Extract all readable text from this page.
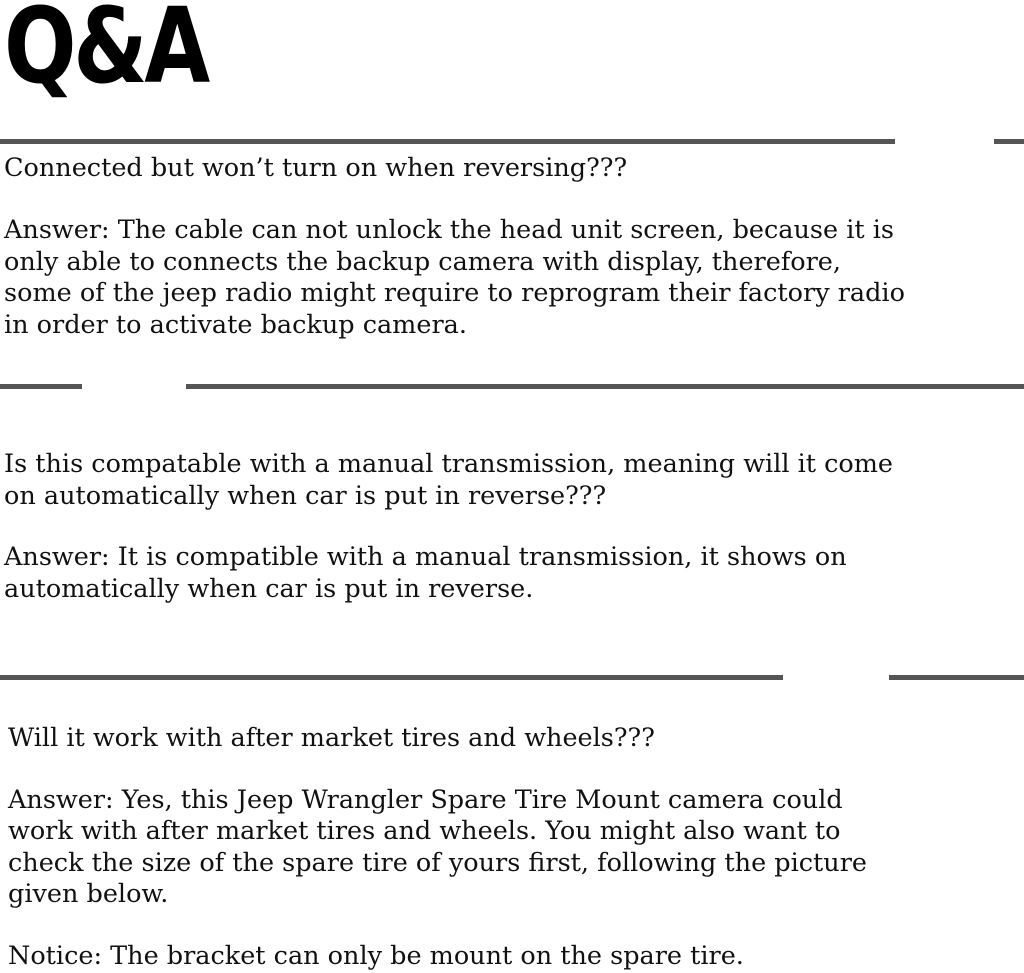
Q&A

Connected but won’t turn on when reversing???

Answer: The cable can not unlock the head unit screen, because it is

only able to connects the backup camera with display, therefore,

some of the jeep radio might require to reprogram their factory radio

in order to activate backup camera.

Is this compatable with a manual transmission, meaning will it come

on automatically when car is put in reverse???

Answer: It is compatible with a manual transmission, it shows on

automatically when car is put in reverse.

Will it work with after market tires and wheels???

Answer: Yes, this Jeep Wrangler Spare Tire Mount camera could

work with after market tires and wheels. You might also want to

check the size of the spare tire of yours first, following the picture

given below.

Notice: The bracket can only be mount on the spare tire.
